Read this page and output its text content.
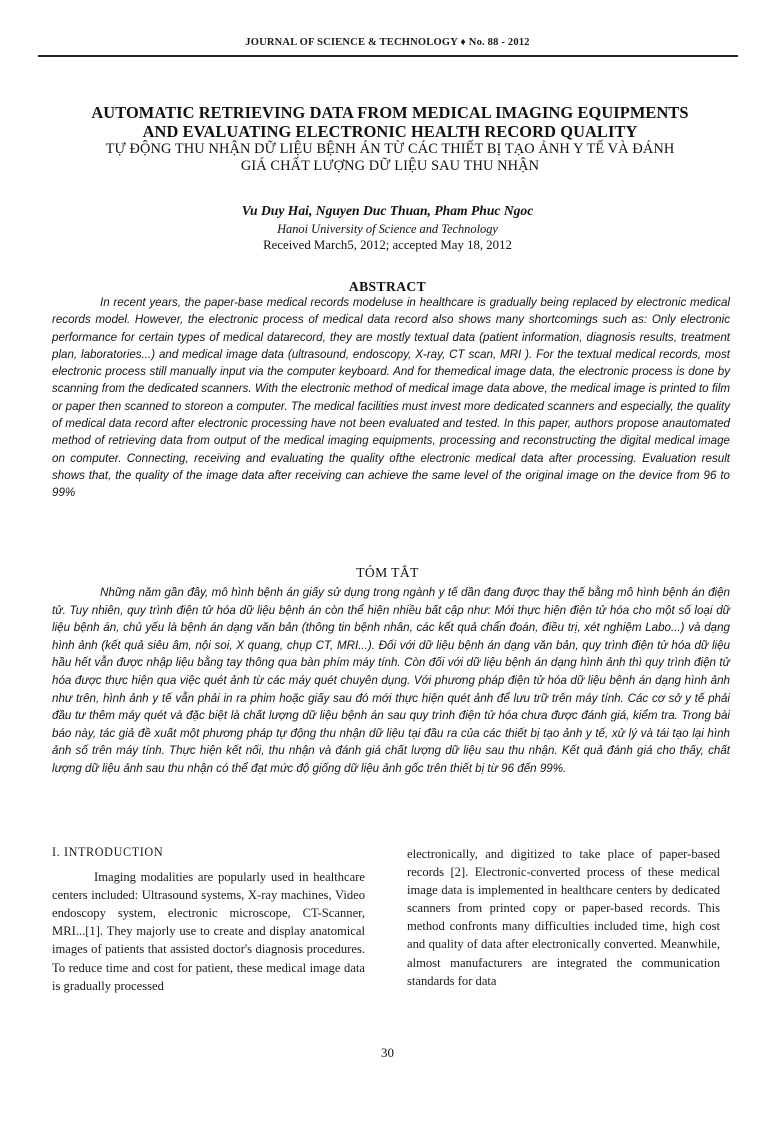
JOURNAL OF SCIENCE & TECHNOLOGY ♦ No. 88 - 2012

AUTOMATIC RETRIEVING DATA FROM MEDICAL IMAGING EQUIPMENTS

AND EVALUATING ELECTRONIC HEALTH RECORD QUALITY

TỰ ĐỘNG THU NHẬN DỮ LIỆU BỆNH ÁN TỪ CÁC THIẾT BỊ TẠO ẢNH Y TẾ VÀ ĐÁNH

GIÁ CHẤT LƯỢNG DỮ LIỆU SAU THU NHẬN

Vu Duy Hai, Nguyen Duc Thuan, Pham Phuc Ngoc
Hanoi University of Science and Technology
Received March5, 2012; accepted May 18, 2012
ABSTRACT

In recent years, the paper-base medical records modeluse in healthcare is gradually being replaced by electronic medical records model. However, the electronic process of medical data record also shows many shortcomings such as: Only electronic performance for certain types of medical datarecord, they are mostly textual data (patient information, diagnosis results, treatment plan, laboratories...) and medical image data (ultrasound, endoscopy, X-ray, CT scan, MRI ). For the textual medical records, most electronic process still manually input via the computer keyboard. And for themedical image data, the electronic process is done by scanning from the dedicated scanners. With the electronic method of medical image data above, the medical image is printed to film or paper then scanned to storeon a computer. The medical facilities must invest more dedicated scanners and especially, the quality of medical data record after electronic processing have not been evaluated and tested. In this paper, authors propose anautomated method of retrieving data from output of the medical imaging equipments, processing and reconstructing the digital medical image on computer. Connecting, receiving and evaluating the quality ofthe electronic medical data after processing. Evaluation result shows that, the quality of the image data after receiving can achieve the same level of the original image on the device from 96 to 99%

TÓM TẮT

Những năm gần đây, mô hình bệnh án giấy sử dụng trong ngành y tế dần đang được thay thế bằng mô hình bệnh án điện tử. Tuy nhiên, quy trình điện tử hóa dữ liệu bệnh án còn thể hiện nhiều bất cập như: Mới thực hiện điện tử hóa cho một số loại dữ liệu bệnh án, chủ yếu là bệnh án dạng văn bản (thông tin bệnh nhân, các kết quả chẩn đoán, điều trị, xét nghiệm Labo...) và dạng hình ảnh (kết quả siêu âm, nội soi, X quang, chụp CT, MRI...). Đối với dữ liệu bệnh án dạng văn bản, quy trình điện tử hóa dữ liệu hầu hết vẫn được nhập liệu bằng tay thông qua bàn phím máy tính. Còn đối với dữ liệu bệnh án dạng hình ảnh thì quy trình điện tử hóa được thực hiện qua việc quét ảnh từ các máy quét chuyên dụng. Với phương pháp điện tử hóa dữ liệu bệnh án dạng hình ảnh như trên, hình ảnh y tế vẫn phải in ra phim hoặc giấy sau đó mới thực hiện quét ảnh để lưu trữ trên máy tính. Các cơ sở y tế phải đầu tư thêm máy quét và đặc biệt là chất lượng dữ liệu bệnh án sau quy trình điện tử hóa chưa được đánh giá, kiểm tra. Trong bài báo này, tác giả đề xuất một phương pháp tự động thu nhận dữ liệu tại đầu ra của các thiết bị tạo ảnh y tế, xử lý và tái tạo lại hình ảnh số trên máy tính. Thực hiện kết nối, thu nhận và đánh giá chất lượng dữ liệu sau thu nhận. Kết quả đánh giá cho thấy, chất lượng dữ liệu ảnh sau thu nhận có thể đạt mức độ giống dữ liệu ảnh gốc trên thiết bị từ 96 đến 99%.

I. INTRODUCTION

Imaging modalities are popularly used in healthcare centers included: Ultrasound systems, X-ray machines, Video endoscopy system, electronic microscope, CT-Scanner, MRI...[1]. They majorly use to create and display anatomical images of patients that assisted doctor's diagnosis procedures. To reduce time and cost for patient, these medical image data is gradually processed

electronically, and digitized to take place of paper-based records [2]. Electronic-converted process of these medical image data is implemented in healthcare centers by dedicated scanners from printed copy or paper-based records. This method confronts many difficulties included time, high cost and quality of data after electronically converted. Meanwhile, almost manufacturers are integrated the communication standards for data

30
